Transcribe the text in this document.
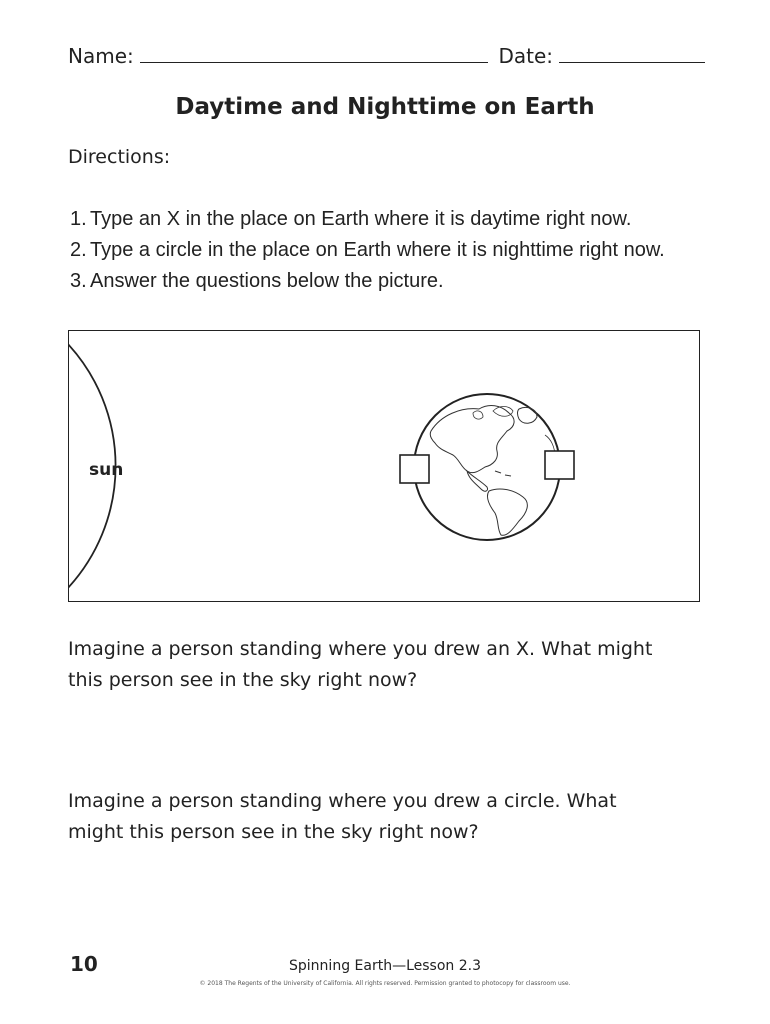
Name:	Date:
Daytime and Nighttime on Earth
Directions:
1. Type an X in the place on Earth where it is daytime right now.
2. Type a circle in the place on Earth where it is nighttime right now.
3. Answer the questions below the picture.
sun
Imagine a person standing where you drew an X. What might
this person see in the sky right now?
Imagine a person standing where you drew a circle. What
might this person see in the sky right now?
10	Spinning Earth—Lesson 2.3
© 2018 The Regents of the University of California. All rights reserved. Permission granted to photocopy for classroom use.
